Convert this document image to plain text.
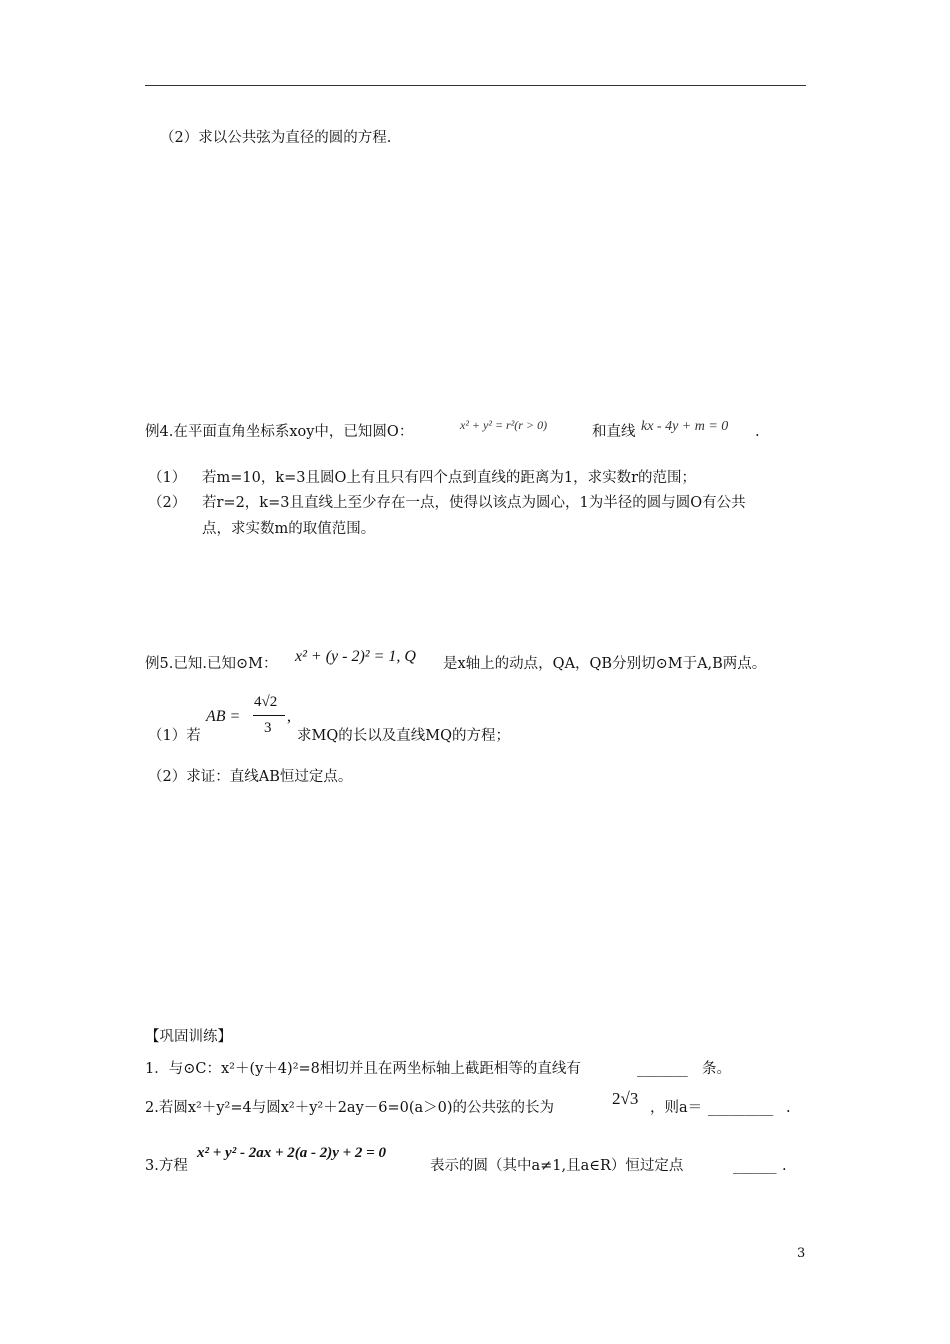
（2）求以公共弦为直径的圆的方程.
例4.在平面直角坐标系xoy中，已知圆O：	x² + y² = r²(r > 0)	和直线 kx - 4y + m = 0 .
（1） 若m=10，k=3且圆O上有且只有四个点到直线的距离为1，求实数r的范围；
（2） 若r=2，k=3且直线上至少存在一点，使得以该点为圆心，1为半径的圆与圆O有公共
点，求实数m的取值范围。
例5.已知.已知⊙M： x² + (y - 2)² = 1, Q 是x轴上的动点，QA，QB分别切⊙M于A,B两点。
（1）若
AB =
4√2
3
,
求MQ的长以及直线MQ的方程；
（2）求证：直线AB恒过定点。
【巩固训练】
1．与⊙C：x²＋(y＋4)²=8相切并且在两坐标轴上截距相等的直线有	_______ 条。
2.若圆x²＋y²=4与圆x²＋y²＋2ay－6=0(a＞0)的公共弦的长为	2√3 ，则a＝ _________ .
3.方程
x² + y² - 2ax + 2(a - 2)y + 2 = 0
表示的圆（其中a≠1,且a∈R）恒过定点	______ .
3
